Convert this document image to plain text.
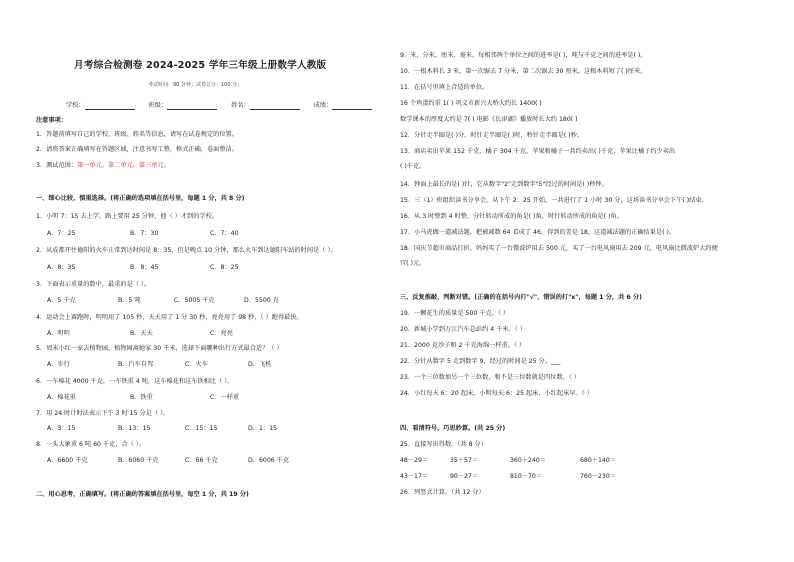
月考综合检测卷 2024-2025 学年三年级上册数学人教版
考试时间：90 分钟；试卷总分：100 分；
学校：	班级：	姓名：	成绩：
注意事项：
1．答题前填写自己的学校、班级、姓名等信息，请写在试卷规定的位置。
2．请将答案正确填写在答题区域，注意书写工整，格式正确，卷面整洁。
3．测试范围：第一单元、第二单元、第三单元。
一、细心比较，慎重选择。(将正确的选项填在括号里，每题 1 分，共 8 分)
1．小明 7：15 去上学，路上要用 25 分钟，他（ ）才到的学校。
A．7：25	B．7：30	C．7：40
2．从成都开往德阳的火车正常到达时间是 8：35，但是晚点 10 分钟，那么火车到达德阳车站的时间是（ ）。
A．8：35	B．8：45	C．8：25
3．下面表示重量的数中，最重的是（ ）。
A．5 千克	B．5 吨	C．5005 千克	D．5500 克
4．运动会上赛跑时，明明用了 105 秒，天天用了 1 分 30 秒，亮亮用了 98 秒，（ ）跑得最快。
A．明明	B．天天	C．亮亮
5．周末小红一家去植物园，植物园离她家 30 千米，选择下面哪种出行方式最合适？（ ）
A．步行	B．汽车自驾	C．火车	D．飞机
6．一车棉花 4000 千克，一车铁重 4 吨，这车棉花和这车铁相比（ ）。
A．棉花重	B．铁重	C．一样重
7．用 24 时计时法表示下午 3 时 15 分是（ ）。
A．3：15	B．13：15	C．15：15	D．1：15
8．一头大象重 6 吨 60 千克，合（ ）。
A．6600 千克	B．6060 千克	C．66 千克	D．6006 千克
二、用心思考，正确填写。(将正确的答案填在括号里，每空 1 分，共 19 分)
9．米，分米，厘米，毫米，每相邻两个单位之间的进率是( )，吨与千克之间的进率是( )。
10．一根木料长 3 米，第一次锯去 7 分米，第二次锯去 30 厘米，这根木料短了( )厘米。
11．在括号里填上合适的单位。
16 个鸡蛋约重 1( ) 巩义市新兴大桥大约长 1400( )
数学课本的厚度大约是 7( ) 电影《长津湖》播放时长大约 180( )
12．分针走半圈是( )分，时针走半圈是( )时，秒针走半圈是( )秒。
13．商店卖出苹果 152 千克，橘子 304 千克，苹果和橘子一共约卖出( )千克，苹果比橘子约少卖出
( )千克。
14．钟面上最长的是( )针，它从数字"2"走到数字"5"经过的时间是( )秒钟。
15．三（1）班组织读书分享会，从下午 2：25 开始，一共进行了 1 小时 30 分，这场读书分享会下午( )结束。
16．从 3 时整到 4 时整，分针转动所成的角是( )角，时针转动所成的角是( )角。
17．小马虎做一道减法题，把被减数 64 看成了 46，得到的差是 18，这道减法题的正确结果是( )。
18．国庆节超市商品打折，妈妈买了一台微波炉用去 500 元，买了一台电风扇用去 209 元，电风扇比微波炉大约便
宜( )元。
三、反复推敲，判断对错。(正确的在括号内打"√"，错误的打"x"，每题 1 分，共 6 分)
19．一颗花生的质量是 500 千克。（ ）
20．新城小学到万江汽车总站约 4 千米。（ ）
21．2000 克沙子和 2 千克海绵一样重。（ ）
22．分针从数字 5 走到数字 9，经过的时间是 25 分。___
23．一个三位数加另一个三位数，和不是三位数就是四位数。（ ）
24．小红每天 6：20 起床，小明每天 6：25 起床，小红起床早。（ ）
四、看清符号，巧思妙算。(共 25 分)
25．直接写出得数。（共 8 分）
48－29＝	35＋57＝	360＋240＝	680＋140＝
43－17＝	90－27＝	810－70＝	760－230＝
26．列竖式计算。（共 12 分）
